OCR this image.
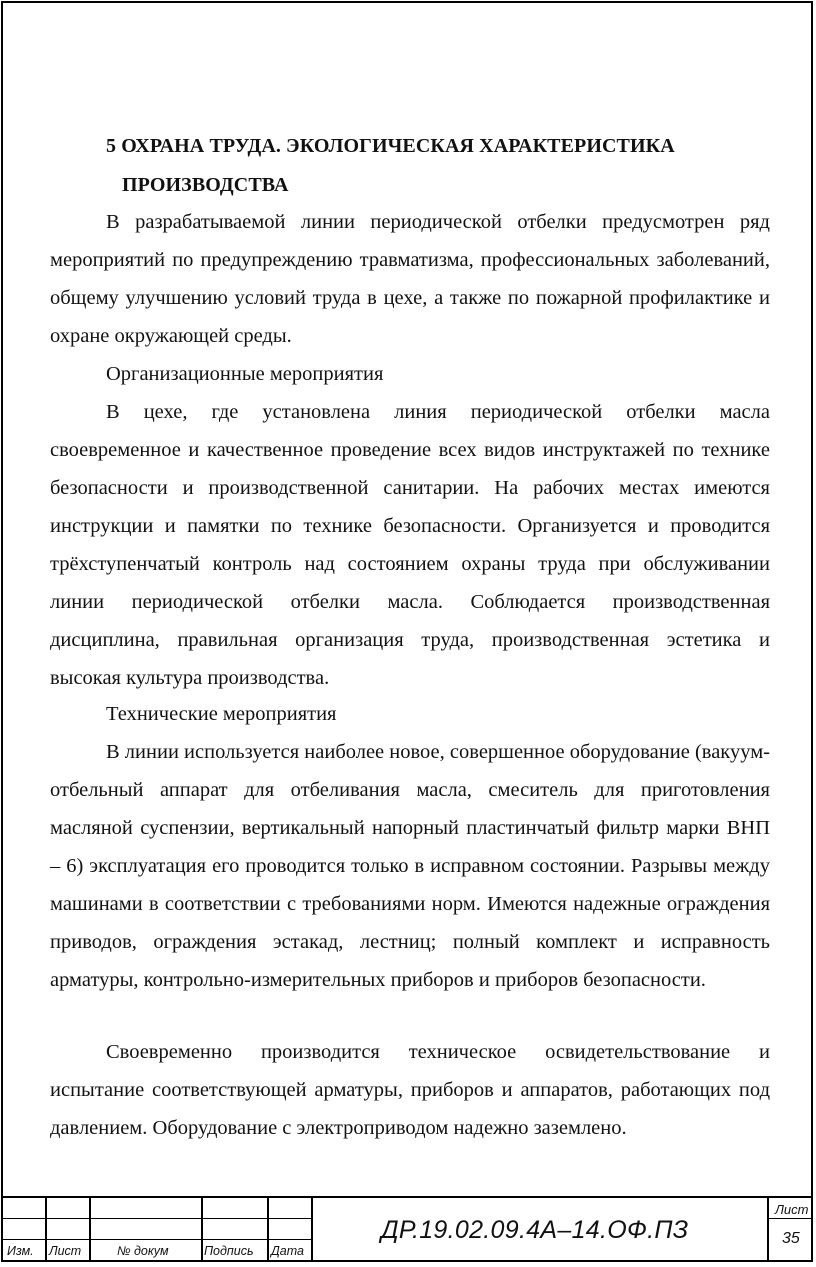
5 ОХРАНА ТРУДА. ЭКОЛОГИЧЕСКАЯ ХАРАКТЕРИСТИКА
ПРОИЗВОДСТВА

В разрабатываемой линии периодической отбелки предусмотрен ряд мероприятий по предупреждению травматизма, профессиональных заболеваний, общему улучшению условий труда в цехе, а также по пожарной профилактике и охране окружающей среды.

Организационные мероприятия

В цехе, где установлена линия периодической отбелки масла своевременное и качественное проведение всех видов инструктажей по технике безопасности и производственной санитарии. На рабочих местах имеются инструкции и памятки по технике безопасности. Организуется и проводится трёхступенчатый контроль над состоянием охраны труда при обслуживании линии периодической отбелки масла. Соблюдается производственная дисциплина, правильная организация труда, производственная эстетика и высокая культура производства.

Технические мероприятия

В линии используется наиболее новое, совершенное оборудование (вакуум-отбельный аппарат для отбеливания масла, смеситель для приготовления масляной суспензии, вертикальный напорный пластинчатый фильтр марки ВНП – 6) эксплуатация его проводится только в исправном состоянии. Разрывы между машинами в соответствии с требованиями норм. Имеются надежные ограждения приводов, ограждения эстакад, лестниц; полный комплект и исправность арматуры, контрольно-измерительных приборов и приборов безопасности.

Своевременно производится техническое освидетельствование и испытание соответствующей арматуры, приборов и аппаратов, работающих под давлением. Оборудование с электроприводом надежно заземлено.

Изм. Лист	№ докум	Подпись Дата
ДР.19.02.09.4А–14.ОФ.ПЗ
Лист
35
